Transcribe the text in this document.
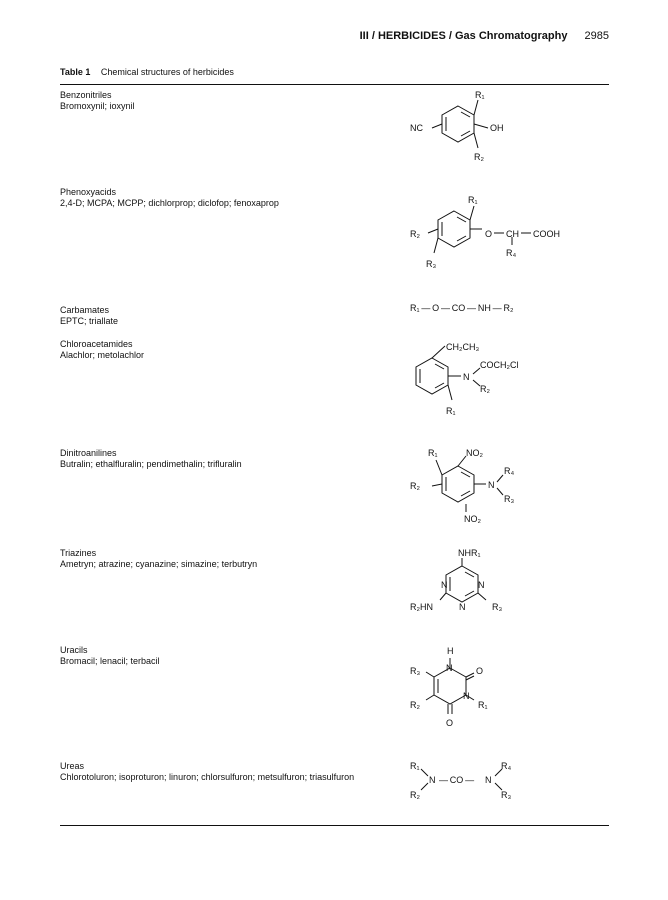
III / HERBICIDES / Gas Chromatography 2985
Table 1 Chemical structures of herbicides
Benzonitriles
Bromoxynil; ioxynil
R₁
R₂
NC	OH
Phenoxyacids
2,4-D; MCPA; MCPP; dichlorprop; diclofop; fenoxaprop	R₁
R₂
R₃
O CH COOH
R₄
Carbamates
EPTC; triallate
R₁ — O — CO — NH — R₂
Chloroacetamides
Alachlor; metolachlor
CH₂CH₃
N
COCH₂Cl
R₂
R₁
Dinitroanilines
Butralin; ethalfluralin; pendimethalin; trifluralin
R₁	NO₂
R₄
R₂	N
R₃
NO₂
Triazines
Ametryn; atrazine; cyanazine; simazine; terbutryn
NHR₁
N	N
N
R₂HN	R₃
Uracils
Bromacil; lenacil; terbacil
H
N	O
R₃
R₂
N
R₁
O
Ureas
Chlorotoluron; isoproturon; linuron; chlorsulfuron; metsulfuron; triasulfuron
R₁
R₂
N — CO — N
R₄
R₃
